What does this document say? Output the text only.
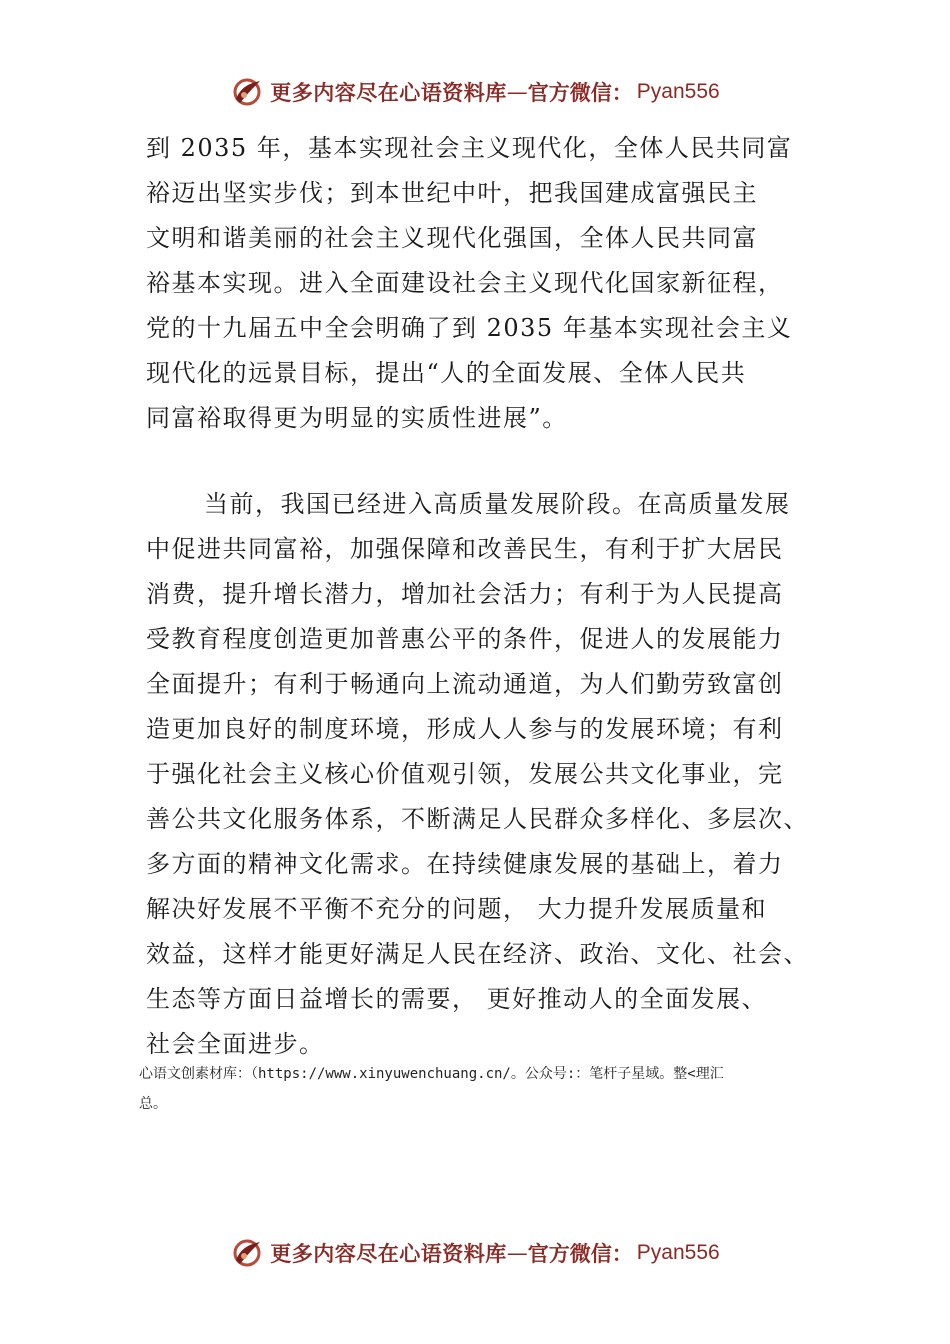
更多内容尽在心语资料库 — 官方微信： Pyan556
到 2035 年，基本实现社会主义现代化，全体人民共同富
裕迈出坚实步伐；到本世纪中叶，把我国建成富强民主
文明和谐美丽的社会主义现代化强国，全体人民共同富
裕基本实现。进入全面建设社会主义现代化国家新征程，
党的十九届五中全会明确了到 2035 年基本实现社会主义
现代化的远景目标，提出“人的全面发展、全体人民共
同富裕取得更为明显的实质性进展”。
当前，我国已经进入高质量发展阶段。在高质量发展
中促进共同富裕，加强保障和改善民生，有利于扩大居民
消费，提升增长潜力，增加社会活力；有利于为人民提高
受教育程度创造更加普惠公平的条件，促进人的发展能力
全面提升；有利于畅通向上流动通道，为人们勤劳致富创
造更加良好的制度环境，形成人人参与的发展环境；有利
于强化社会主义核心价值观引领，发展公共文化事业，完
善公共文化服务体系，不断满足人民群众多样化、多层次、
多方面的精神文化需求。在持续健康发展的基础上，着力
解决好发展不平衡不充分的问题， 大力提升发展质量和
效益，这样才能更好满足人民在经济、政治、文化、社会、
生态等方面日益增长的需要， 更好推动人的全面发展、
社会全面进步。
心语文创素材库：（https://www.xinyuwenchuang.cn/。公众号:：笔杆子星域。整<理汇
总。
更多内容尽在心语资料库 — 官方微信： Pyan556
